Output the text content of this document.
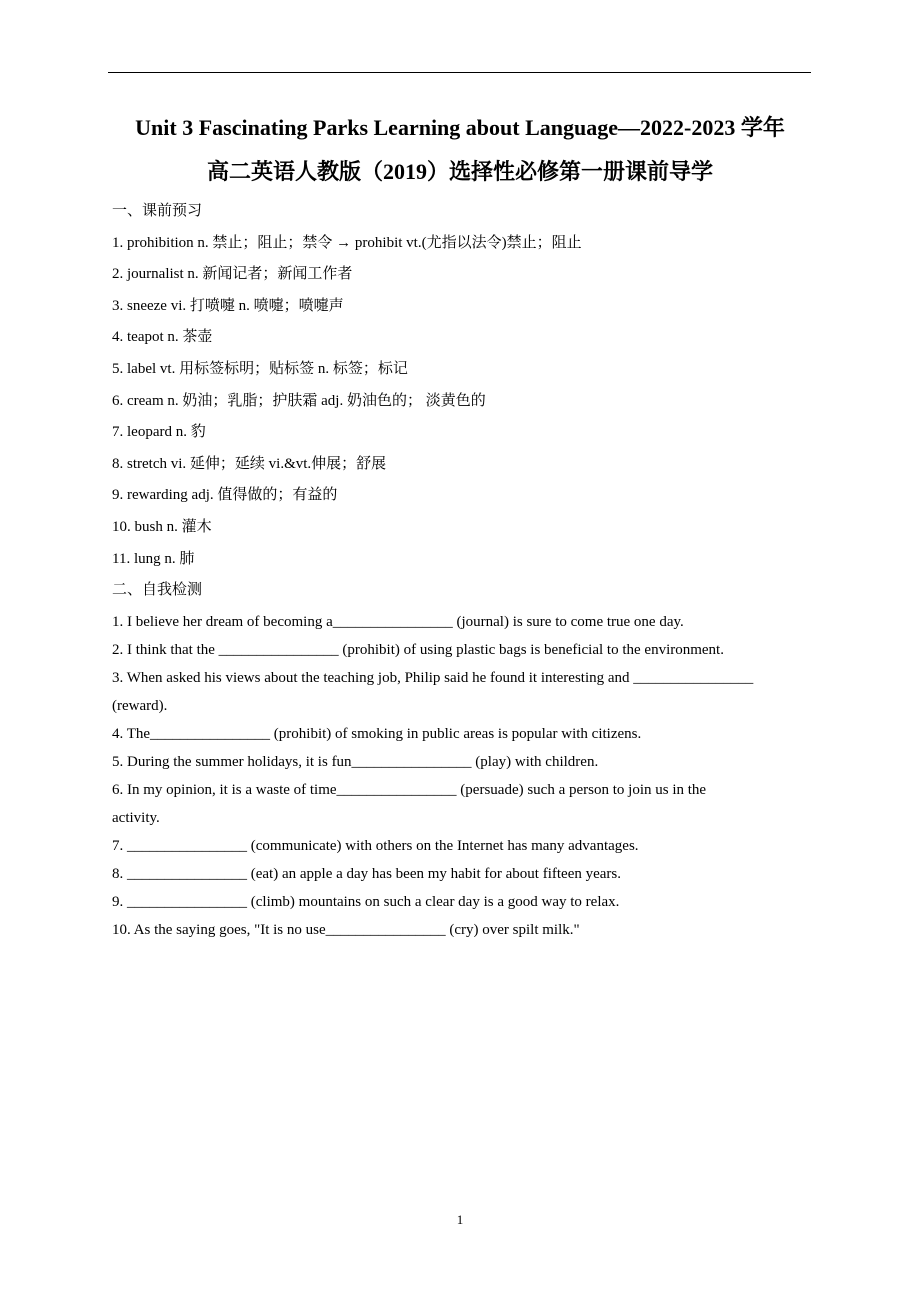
Unit 3 Fascinating Parks Learning about Language—2022-2023 学年
高二英语人教版（2019）选择性必修第一册课前导学
一、课前预习
1. prohibition n. 禁止；阻止；禁令 → prohibit vt.(尤指以法令)禁止；阻止
2. journalist n. 新闻记者；新闻工作者
3. sneeze vi. 打喷嚏 n. 喷嚏；喷嚏声
4. teapot n. 茶壶
5. label vt. 用标签标明；贴标签 n. 标签；标记
6. cream n. 奶油；乳脂；护肤霜 adj. 奶油色的； 淡黄色的
7. leopard n. 豹
8. stretch vi. 延伸；延续 vi.&vt.伸展；舒展
9. rewarding adj. 值得做的；有益的
10. bush n. 灌木
11. lung n. 肺
二、自我检测
1. I believe her dream of becoming a________________ (journal) is sure to come true one day.
2. I think that the ________________ (prohibit) of using plastic bags is beneficial to the environment.
3. When asked his views about the teaching job, Philip said he found it interesting and ________________
(reward).
4. The________________ (prohibit) of smoking in public areas is popular with citizens.
5. During the summer holidays, it is fun________________ (play) with children.
6. In my opinion, it is a waste of time________________ (persuade) such a person to join us in the
activity.
7. ________________ (communicate) with others on the Internet has many advantages.
8. ________________ (eat) an apple a day has been my habit for about fifteen years.
9. ________________ (climb) mountains on such a clear day is a good way to relax.
10. As the saying goes, "It is no use________________ (cry) over spilt milk."
1
